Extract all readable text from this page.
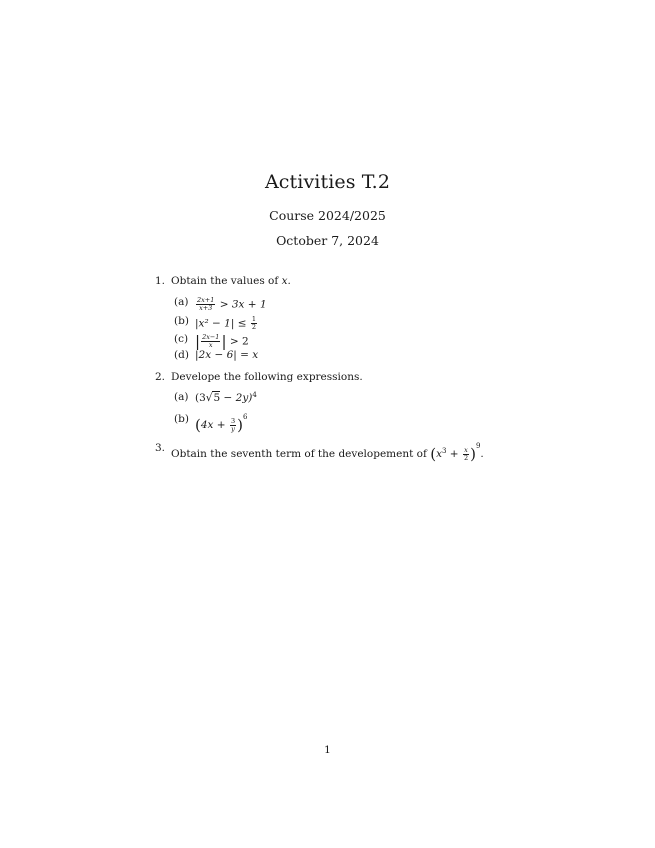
Activities T.2
Course 2024/2025
October 7, 2024
1. Obtain the values of x.
$(a) \frac{2x+1}{x+3} > 3x + 1$
(b) $|x^2 - 1| \le \frac{1}{2}$
(c) | $\frac{2x-1}{x}$ | > 2
(d) |2x − 6| = x
2. Develope the following expressions.
(a) $(3√5 - 2y)^4$
(b) $(4x + \frac{3}{y} )^6$
3. Obtain the seventh term of the developement of $(x^3 + \frac{x}{2} )^9$.
1
